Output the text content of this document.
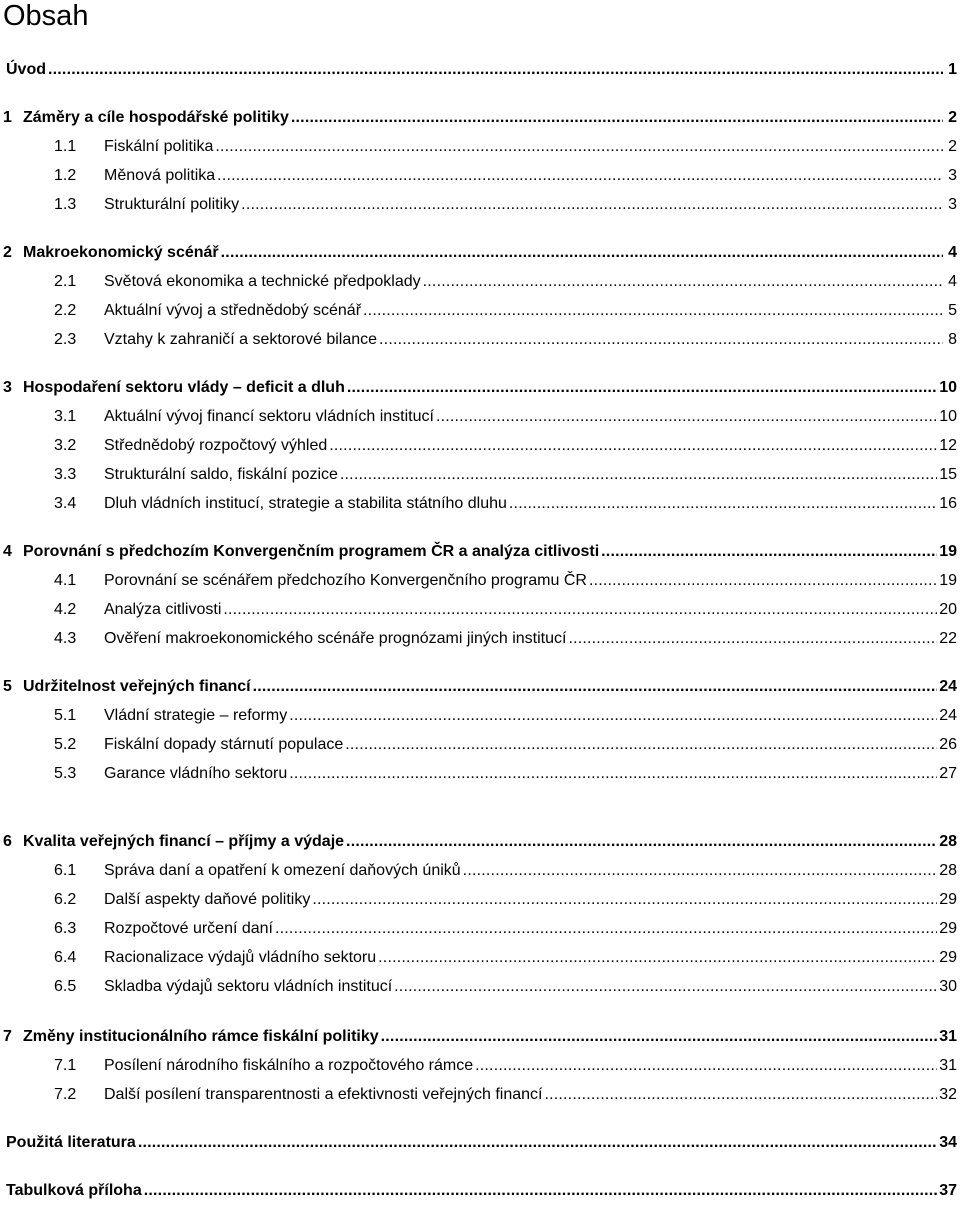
Obsah
Úvod .....	1
1 Záměry a cíle hospodářské politiky .....	2
1.1	Fiskální politika .....	2
1.2	Měnová politika .....	3
1.3	Strukturální politiky .....	3
2 Makroekonomický scénář .....	4
2.1	Světová ekonomika a technické předpoklady .....	4
2.2	Aktuální vývoj a střednědobý scénář .....	5
2.3	Vztahy k zahraničí a sektorové bilance .....	8
3 Hospodaření sektoru vlády – deficit a dluh .....	10
3.1	Aktuální vývoj financí sektoru vládních institucí .....	10
3.2	Střednědobý rozpočtový výhled .....	12
3.3	Strukturální saldo, fiskální pozice .....	15
3.4	Dluh vládních institucí, strategie a stabilita státního dluhu .....	16
4 Porovnání s předchozím Konvergenčním programem ČR a analýza citlivosti .....	19
4.1	Porovnání se scénářem předchozího Konvergenčního programu ČR .....	19
4.2	Analýza citlivosti .....	20
4.3	Ověření makroekonomického scénáře prognózami jiných institucí .....	22
5 Udržitelnost veřejných financí .....	24
5.1	Vládní strategie – reformy .....	24
5.2	Fiskální dopady stárnutí populace .....	26
5.3	Garance vládního sektoru .....	27
6 Kvalita veřejných financí – příjmy a výdaje .....	28
6.1	Správa daní a opatření k omezení daňových úniků .....	28
6.2	Další aspekty daňové politiky .....	29
6.3	Rozpočtové určení daní .....	29
6.4	Racionalizace výdajů vládního sektoru .....	29
6.5	Skladba výdajů sektoru vládních institucí .....	30
7 Změny institucionálního rámce fiskální politiky .....	31
7.1	Posílení národního fiskálního a rozpočtového rámce .....	31
7.2	Další posílení transparentnosti a efektivnosti veřejných financí .....	32
Použitá literatura .....	34
Tabulková příloha .....	37
